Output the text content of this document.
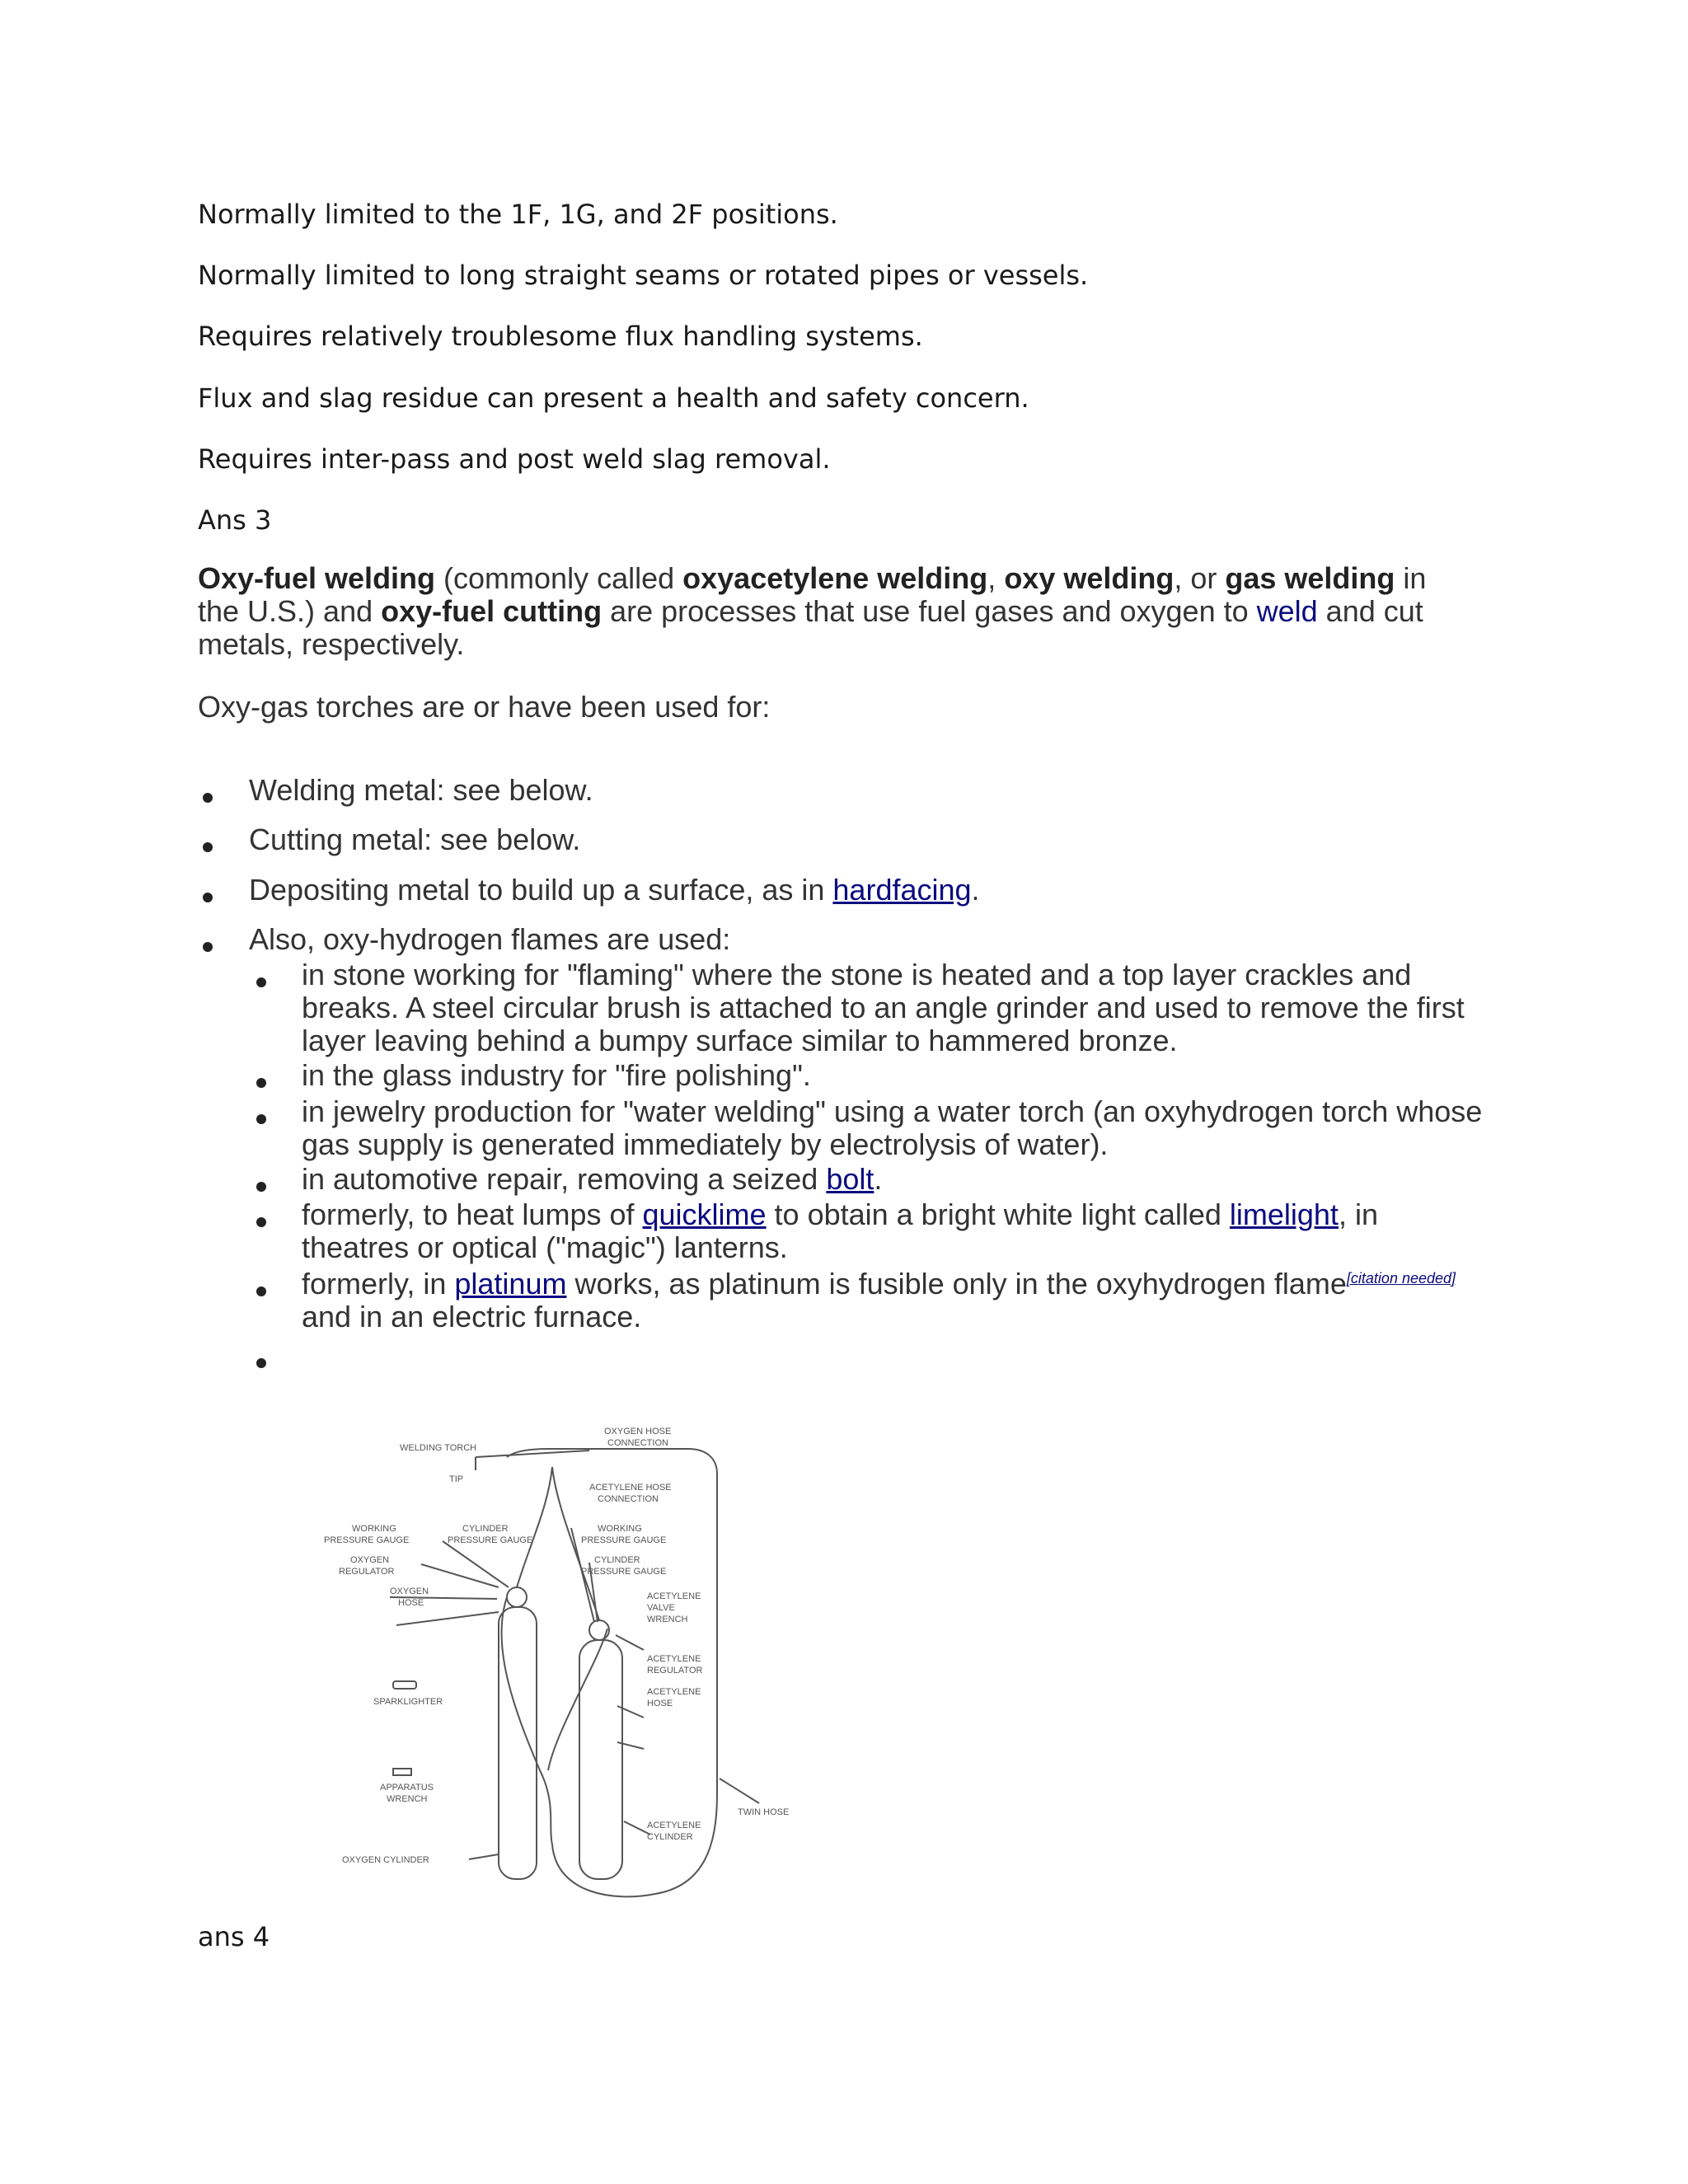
Normally limited to the 1F, 1G, and 2F positions.

Normally limited to long straight seams or rotated pipes or vessels.

Requires relatively troublesome flux handling systems.

Flux and slag residue can present a health and safety concern.

Requires inter-pass and post weld slag removal.

Ans 3

Oxy-fuel welding (commonly called oxyacetylene welding, oxy welding, or gas welding in the U.S.) and oxy-fuel cutting are processes that use fuel gases and oxygen to weld and cut metals, respectively.

Oxy-gas torches are or have been used for:

Welding metal: see below.

Cutting metal: see below.

Depositing metal to build up a surface, as in hardfacing.

Also, oxy-hydrogen flames are used:

in stone working for "flaming" where the stone is heated and a top layer crackles and breaks. A steel circular brush is attached to an angle grinder and used to remove the first layer leaving behind a bumpy surface similar to hammered bronze.

in the glass industry for "fire polishing".

in jewelry production for "water welding" using a water torch (an oxyhydrogen torch whose gas supply is generated immediately by electrolysis of water).

in automotive repair, removing a seized bolt.

formerly, to heat lumps of quicklime to obtain a bright white light called limelight, in theatres or optical ("magic") lanterns.

formerly, in platinum works, as platinum is fusible only in the oxyhydrogen flame[citation needed] and in an electric furnace.

WELDING TORCH
TIP
OXYGEN HOSE
CONNECTION
ACETYLENE HOSE
CONNECTION
WORKING
PRESSURE GAUGE
CYLINDER
PRESSURE GAUGE
WORKING
PRESSURE GAUGE
OXYGEN
REGULATOR
CYLINDER
PRESSURE GAUGE
OXYGEN
HOSE
ACETYLENE
VALVE
WRENCH
SPARKLIGHTER
ACETYLENE
REGULATOR
ACETYLENE
HOSE
APPARATUS
WRENCH
TWIN HOSE
ACETYLENE
CYLINDER
OXYGEN CYLINDER

ans 4
